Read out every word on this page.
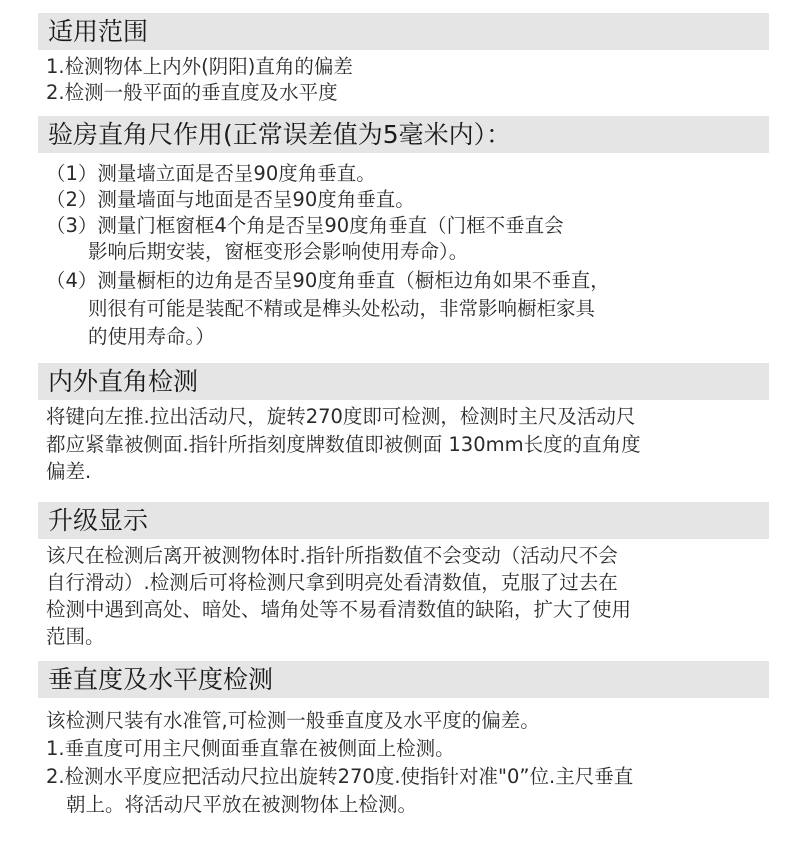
适用范围
1.检测物体上内外(阴阳)直角的偏差
2.检测一般平面的垂直度及水平度
验房直角尺作用(正常误差值为5毫米内）：
（1）测量墙立面是否呈90度角垂直。
（2）测量墙面与地面是否呈90度角垂直。
（3）测量门框窗框4个角是否呈90度角垂直（门框不垂直会
影响后期安装，窗框变形会影响使用寿命）。
（4）测量橱柜的边角是否呈90度角垂直（橱柜边角如果不垂直，
则很有可能是装配不精或是榫头处松动，非常影响橱柜家具
的使用寿命。）
内外直角检测
将键向左推.拉出活动尺，旋转270度即可检测，检测时主尺及活动尺
都应紧靠被侧面.指针所指刻度牌数值即被侧面 130mm长度的直角度
偏差.
升级显示
该尺在检测后离开被测物体时.指针所指数值不会变动（活动尺不会
自行滑动）.检测后可将检测尺拿到明亮处看清数值，克服了过去在
检测中遇到高处、暗处、墙角处等不易看清数值的缺陷，扩大了使用
范围。
垂直度及水平度检测
该检测尺装有水准管,可检测一般垂直度及水平度的偏差。
1.垂直度可用主尺侧面垂直靠在被侧面上检测。
2.检测水平度应把活动尺拉出旋转270度.使指针对准"0”位.主尺垂直
朝上。将活动尺平放在被测物体上检测。
